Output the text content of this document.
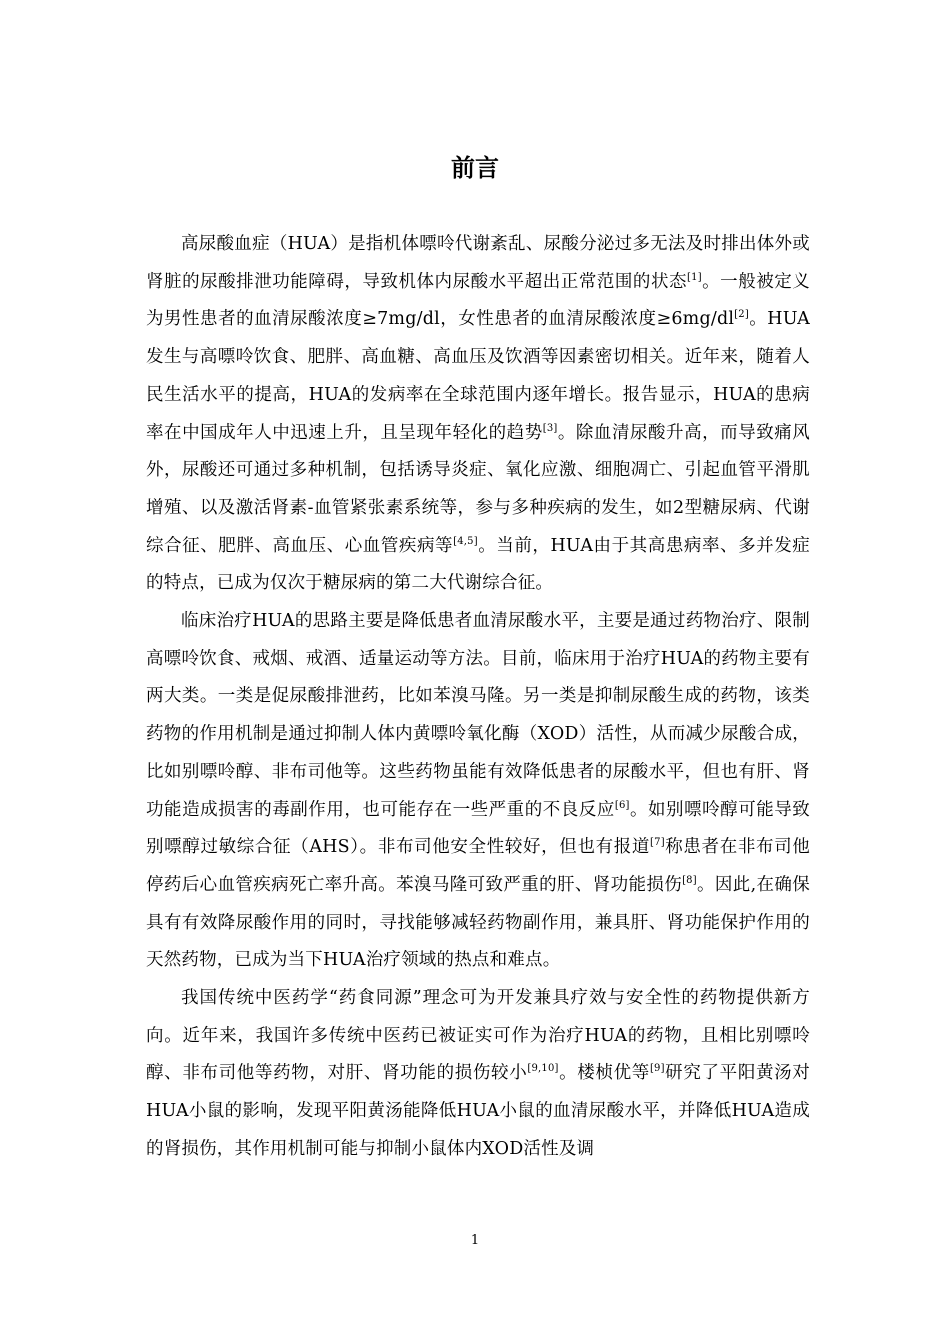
前言

高尿酸血症（HUA）是指机体嘌呤代谢紊乱、尿酸分泌过多无法及时排出体外或肾脏的尿酸排泄功能障碍，导致机体内尿酸水平超出正常范围的状态[1]。一般被定义为男性患者的血清尿酸浓度≥7mg/dl，女性患者的血清尿酸浓度≥6mg/dl[2]。HUA发生与高嘌呤饮食、肥胖、高血糖、高血压及饮酒等因素密切相关。近年来，随着人民生活水平的提高，HUA的发病率在全球范围内逐年增长。报告显示，HUA的患病率在中国成年人中迅速上升，且呈现年轻化的趋势[3]。除血清尿酸升高，而导致痛风外，尿酸还可通过多种机制，包括诱导炎症、氧化应激、细胞凋亡、引起血管平滑肌增殖、以及激活肾素-血管紧张素系统等，参与多种疾病的发生，如2型糖尿病、代谢综合征、肥胖、高血压、心血管疾病等[4,5]。当前，HUA由于其高患病率、多并发症的特点，已成为仅次于糖尿病的第二大代谢综合征。

临床治疗HUA的思路主要是降低患者血清尿酸水平，主要是通过药物治疗、限制高嘌呤饮食、戒烟、戒酒、适量运动等方法。目前，临床用于治疗HUA的药物主要有两大类。一类是促尿酸排泄药，比如苯溴马隆。另一类是抑制尿酸生成的药物，该类药物的作用机制是通过抑制人体内黄嘌呤氧化酶（XOD）活性，从而减少尿酸合成，比如别嘌呤醇、非布司他等。这些药物虽能有效降低患者的尿酸水平，但也有肝、肾功能造成损害的毒副作用，也可能存在一些严重的不良反应[6]。如别嘌呤醇可能导致别嘌醇过敏综合征（AHS）。非布司他安全性较好，但也有报道[7]称患者在非布司他停药后心血管疾病死亡率升高。苯溴马隆可致严重的肝、肾功能损伤[8]。因此,在确保具有有效降尿酸作用的同时，寻找能够减轻药物副作用，兼具肝、肾功能保护作用的天然药物，已成为当下HUA治疗领域的热点和难点。

我国传统中医药学“药食同源”理念可为开发兼具疗效与安全性的药物提供新方向。近年来，我国许多传统中医药已被证实可作为治疗HUA的药物，且相比别嘌呤醇、非布司他等药物，对肝、肾功能的损伤较小[9,10]。楼桢优等[9]研究了平阳黄汤对HUA小鼠的影响，发现平阳黄汤能降低HUA小鼠的血清尿酸水平，并降低HUA造成的肾损伤，其作用机制可能与抑制小鼠体内XOD活性及调

1
